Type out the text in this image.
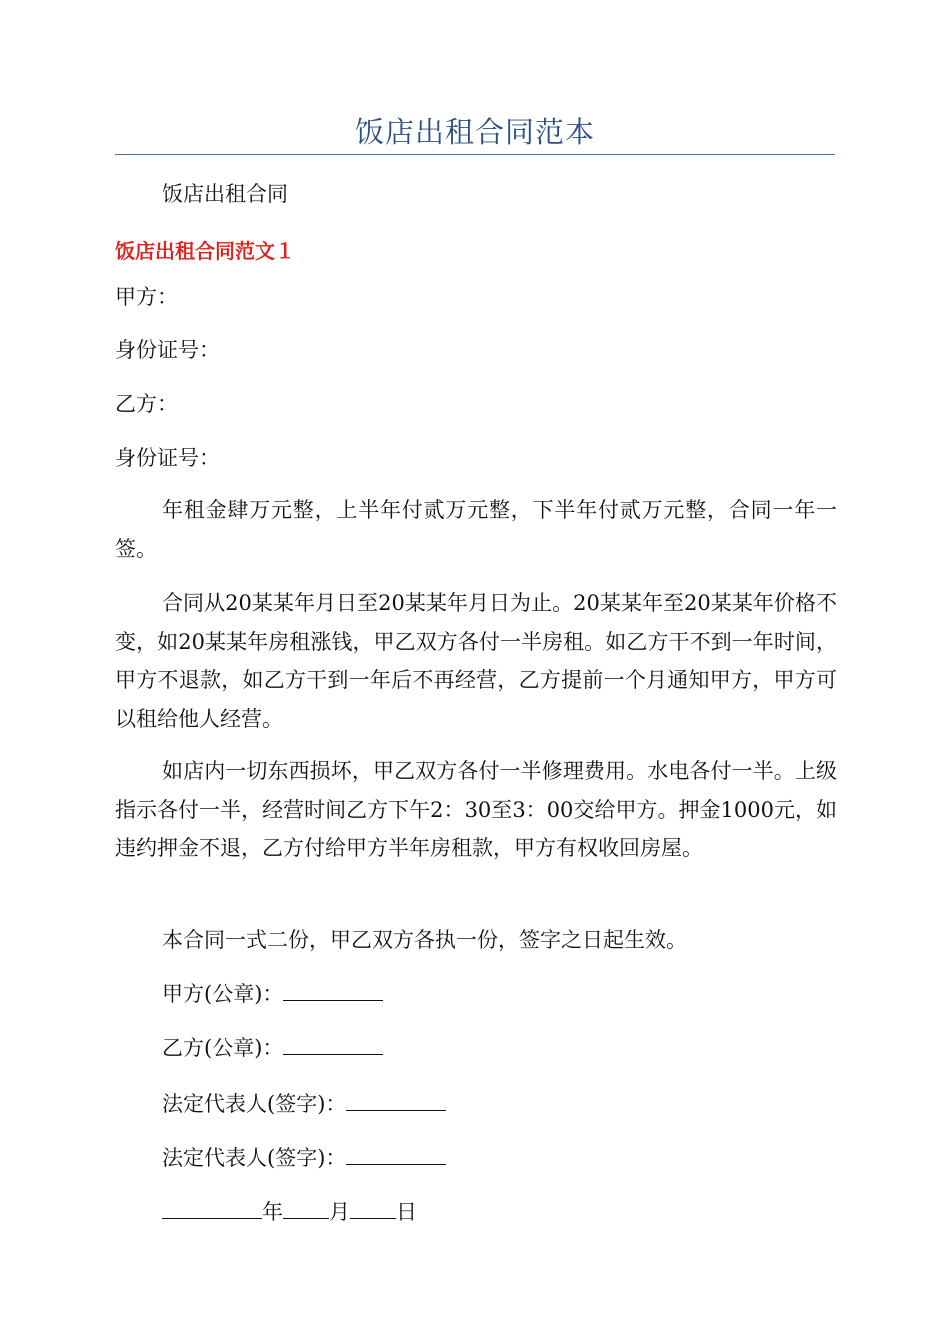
饭店出租合同范本
饭店出租合同
饭店出租合同范文１
甲方：
身份证号：
乙方：
身份证号：
年租金肆万元整，上半年付贰万元整，下半年付贰万元整，合同一年一签。
合同从20某某年月日至20某某年月日为止。20某某年至20某某年价格不变，如20某某年房租涨钱，甲乙双方各付一半房租。如乙方干不到一年时间，甲方不退款，如乙方干到一年后不再经营，乙方提前一个月通知甲方，甲方可以租给他人经营。
如店内一切东西损坏，甲乙双方各付一半修理费用。水电各付一半。上级指示各付一半，经营时间乙方下午2：30至3：00交给甲方。押金1000元，如违约押金不退，乙方付给甲方半年房租款，甲方有权收回房屋。
本合同一式二份，甲乙双方各执一份，签字之日起生效。
甲方(公章)：
乙方(公章)：
法定代表人(签字)：
法定代表人(签字)：
年 月 日
